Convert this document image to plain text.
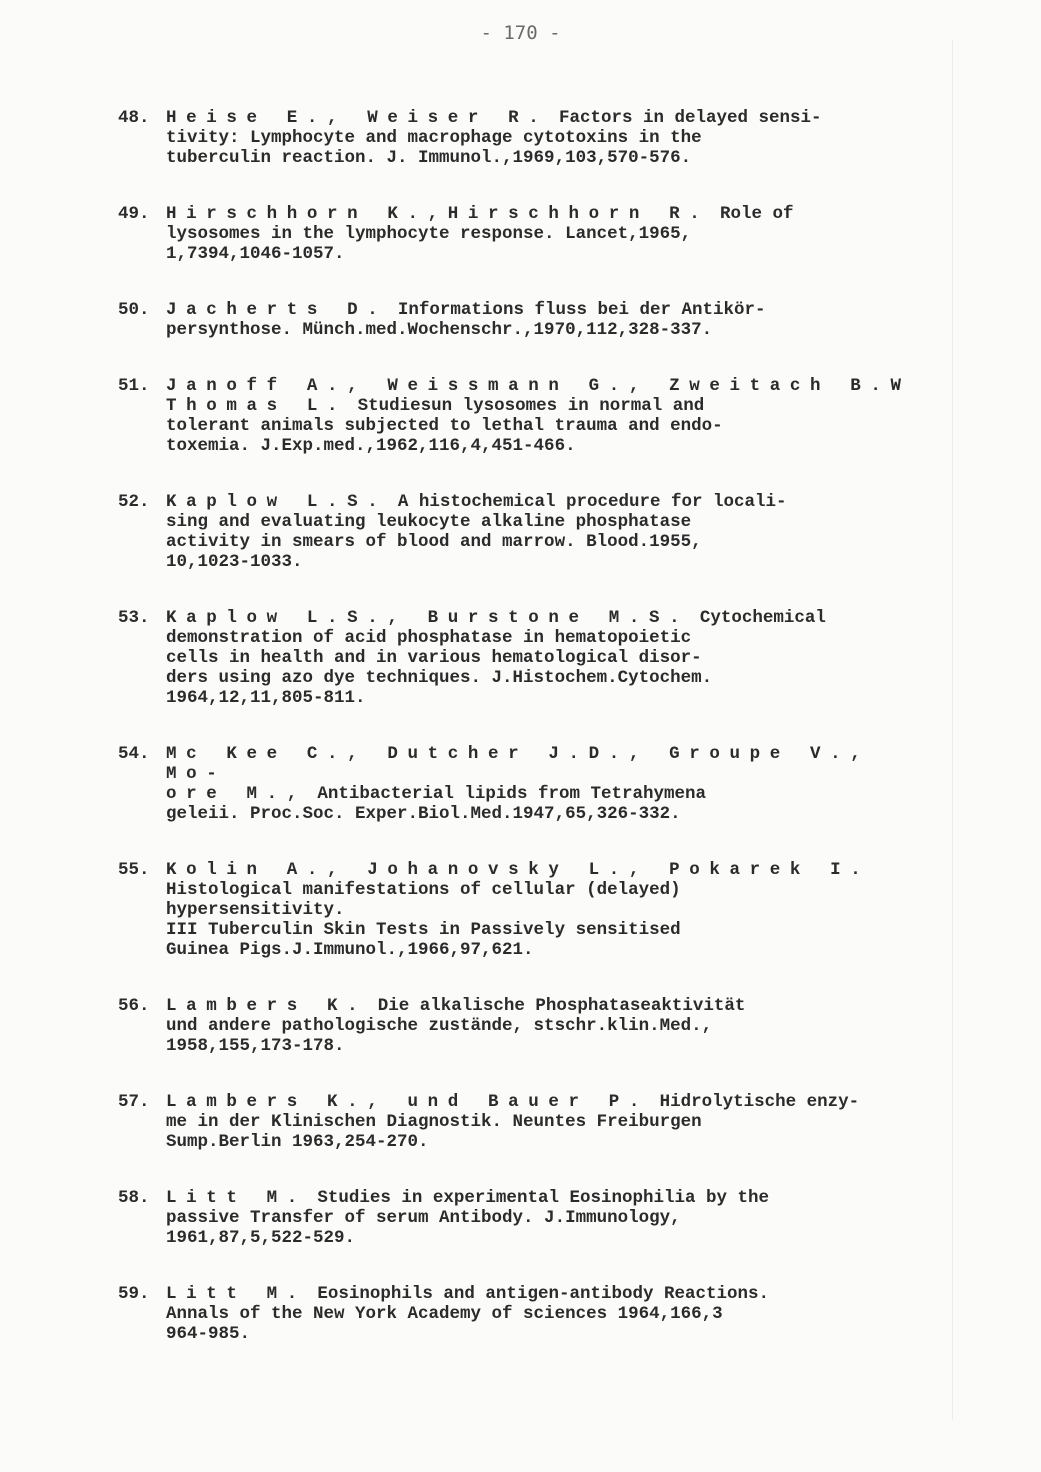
- 170 -
48. Heise E., Weiser R. Factors in delayed sensi-
tivity: Lymphocyte and macrophage cytotoxins in the
tuberculin reaction. J. Immunol.,1969,103,570-576.
49. Hirschhorn K.,Hirschhorn R. Role of
lysosomes in the lymphocyte response. Lancet,1965,
1,7394,1046-1057.
50. Jacherts D. Informations fluss bei der Antikör-
persynthose. Münch.med.Wochenschr.,1970,112,328-337.
51. Janoff A., Weissmann G., Zweitach B.W
Thomas L. Studiesun lysosomes in normal and
tolerant animals subjected to lethal trauma and endo-
toxemia. J.Exp.med.,1962,116,4,451-466.
52. Kaplow L.S. A histochemical procedure for locali-
sing and evaluating leukocyte alkaline phosphatase
activity in smears of blood and marrow. Blood.1955,
10,1023-1033.
53. Kaplow L.S., Burstone M.S. Cytochemical
demonstration of acid phosphatase in hematopoietic
cells in health and in various hematological disor-
ders using azo dye techniques. J.Histochem.Cytochem.
1964,12,11,805-811.
54. Mc Kee C., Dutcher J.D., Groupe V., Mo-
ore M., Antibacterial lipids from Tetrahymena
geleii. Proc.Soc. Exper.Biol.Med.1947,65,326-332.
55. Kolin A., Johanovsky L., Pokarek I.
Histological manifestations of cellular (delayed)
hypersensitivity.
III Tuberculin Skin Tests in Passively sensitised
Guinea Pigs.J.Immunol.,1966,97,621.
56. Lambers K. Die alkalische Phosphataseaktivität
und andere pathologische zustände, stschr.klin.Med.,
1958,155,173-178.
57. Lambers K., und Bauer P. Hidrolytische enzy-
me in der Klinischen Diagnostik. Neuntes Freiburgen
Sump.Berlin 1963,254-270.
58. Litt M. Studies in experimental Eosinophilia by the
passive Transfer of serum Antibody. J.Immunology,
1961,87,5,522-529.
59. Litt M. Eosinophils and antigen-antibody Reactions.
Annals of the New York Academy of sciences 1964,166,3
964-985.
